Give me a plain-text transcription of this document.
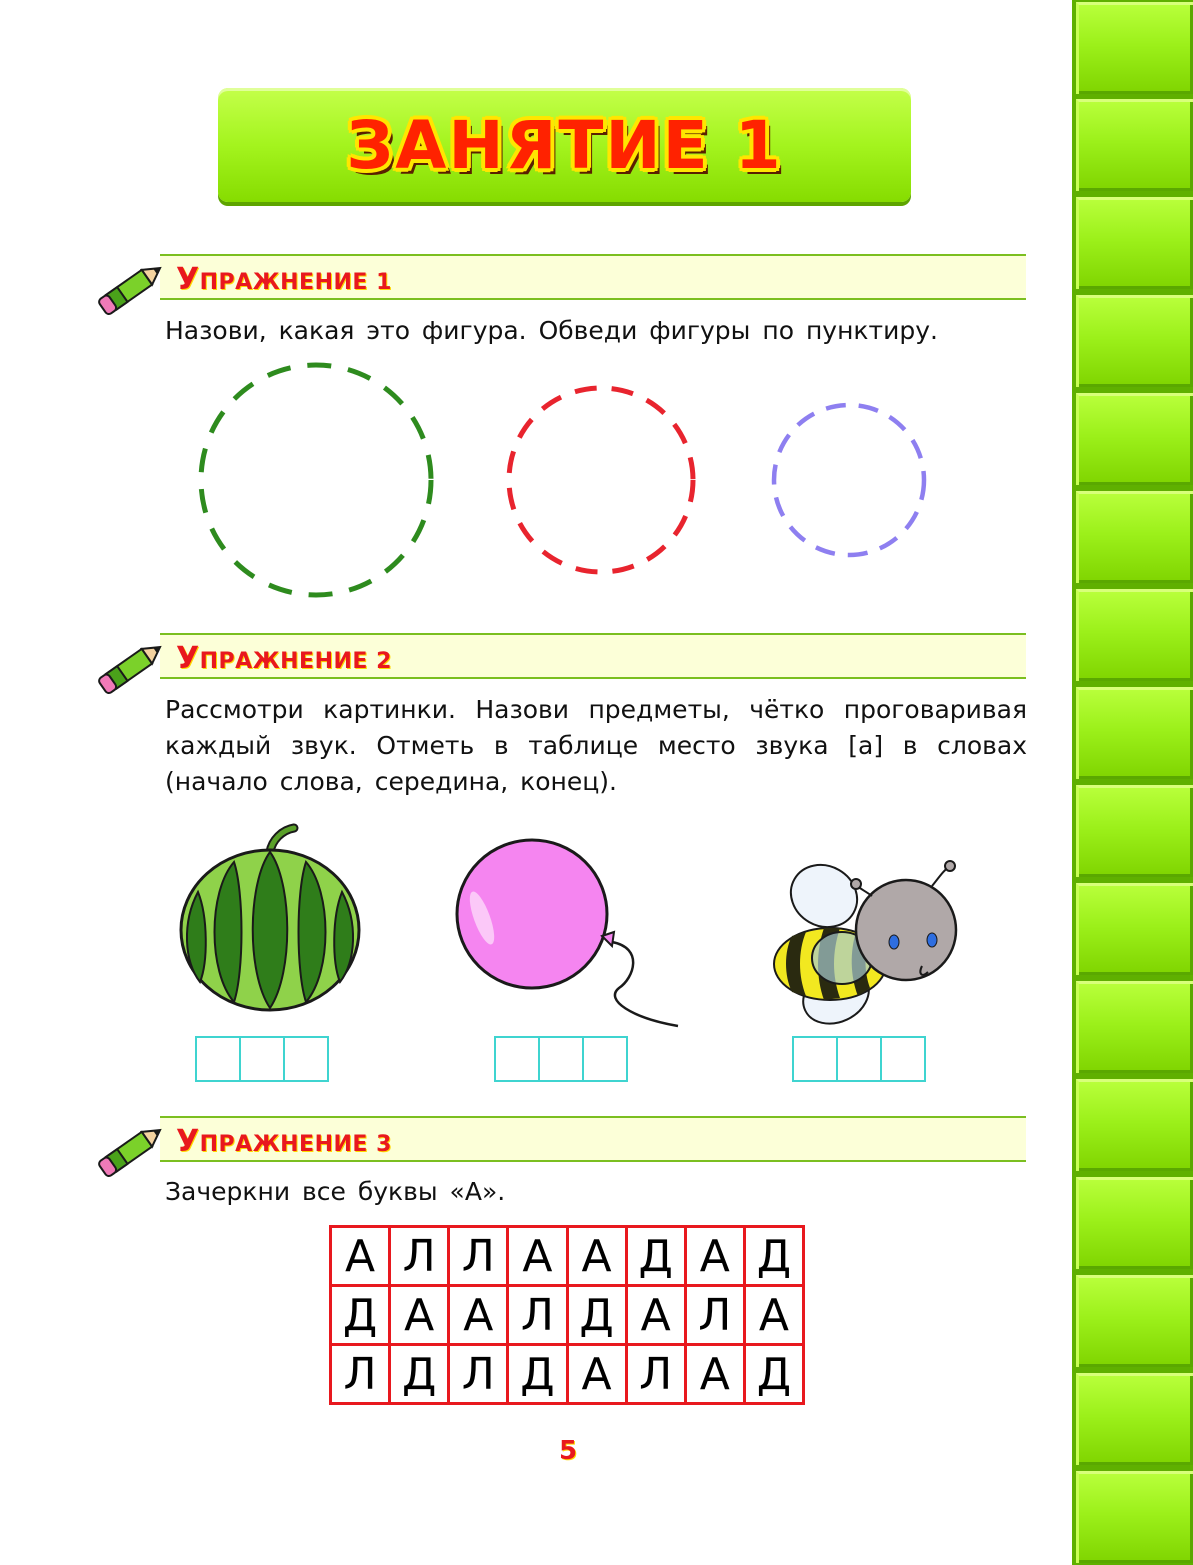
ЗАНЯТИЕ 1
УПРАЖНЕНИЕ 1
Назови, какая это фигура. Обведи фигуры по пунктиру.
УПРАЖНЕНИЕ 2
Рассмотри картинки. Назови предметы, чётко проговаривая каждый звук. Отметь в таблице место звука [а] в словах (начало слова, середина, конец).
УПРАЖНЕНИЕ 3
Зачеркни все буквы «А».
А Л Л А А Д А Д
Д А А Л Д А Л А
Л Д Л Д А Л А Д
5
